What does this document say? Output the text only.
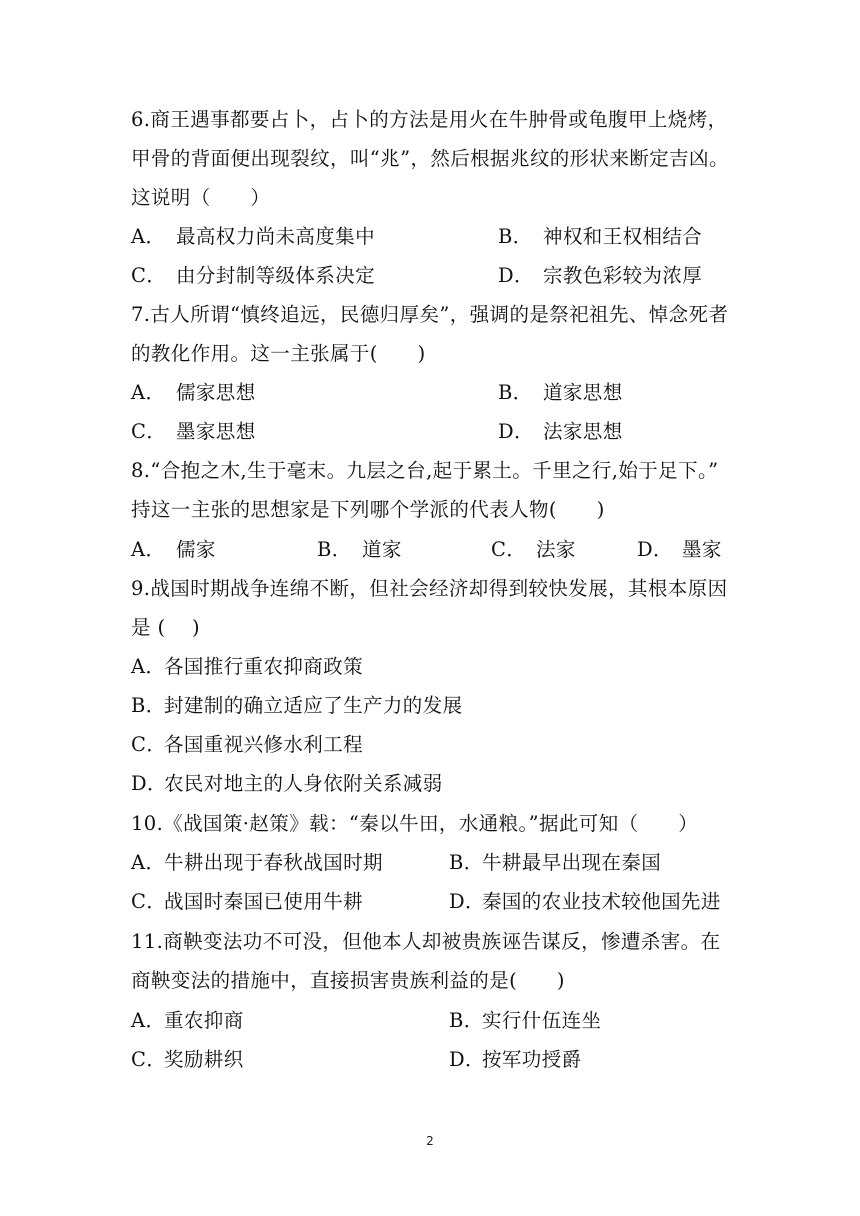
6.商王遇事都要占卜，占卜的方法是用火在牛肿骨或龟腹甲上烧烤，
甲骨的背面便出现裂纹，叫“兆”，然后根据兆纹的形状来断定吉凶。
这说明（　　）
A． 最高权力尚未高度集中	B． 神权和王权相结合
C． 由分封制等级体系决定	D． 宗教色彩较为浓厚
7.古人所谓“慎终追远，民德归厚矣”，强调的是祭祀祖先、悼念死者
的教化作用。这一主张属于(　　)
A． 儒家思想	B． 道家思想
C． 墨家思想	D． 法家思想
8.“合抱之木,生于毫末。九层之台,起于累土。千里之行,始于足下。”
持这一主张的思想家是下列哪个学派的代表人物(　　)
A． 儒家	B． 道家	C． 法家	D． 墨家
9.战国时期战争连绵不断，但社会经济却得到较快发展，其根本原因
是 (　 )
A．各国推行重农抑商政策
B．封建制的确立适应了生产力的发展
C．各国重视兴修水利工程
D．农民对地主的人身依附关系减弱
10.《战国策·赵策》载：“秦以牛田，水通粮。”据此可知（　　）
A．牛耕出现于春秋战国时期	B．牛耕最早出现在秦国
C．战国时秦国已使用牛耕	D．秦国的农业技术较他国先进
11.商鞅变法功不可没，但他本人却被贵族诬告谋反，惨遭杀害。在
商鞅变法的措施中，直接损害贵族利益的是(　　)
A．重农抑商	B．实行什伍连坐
C．奖励耕织	D．按军功授爵
2
